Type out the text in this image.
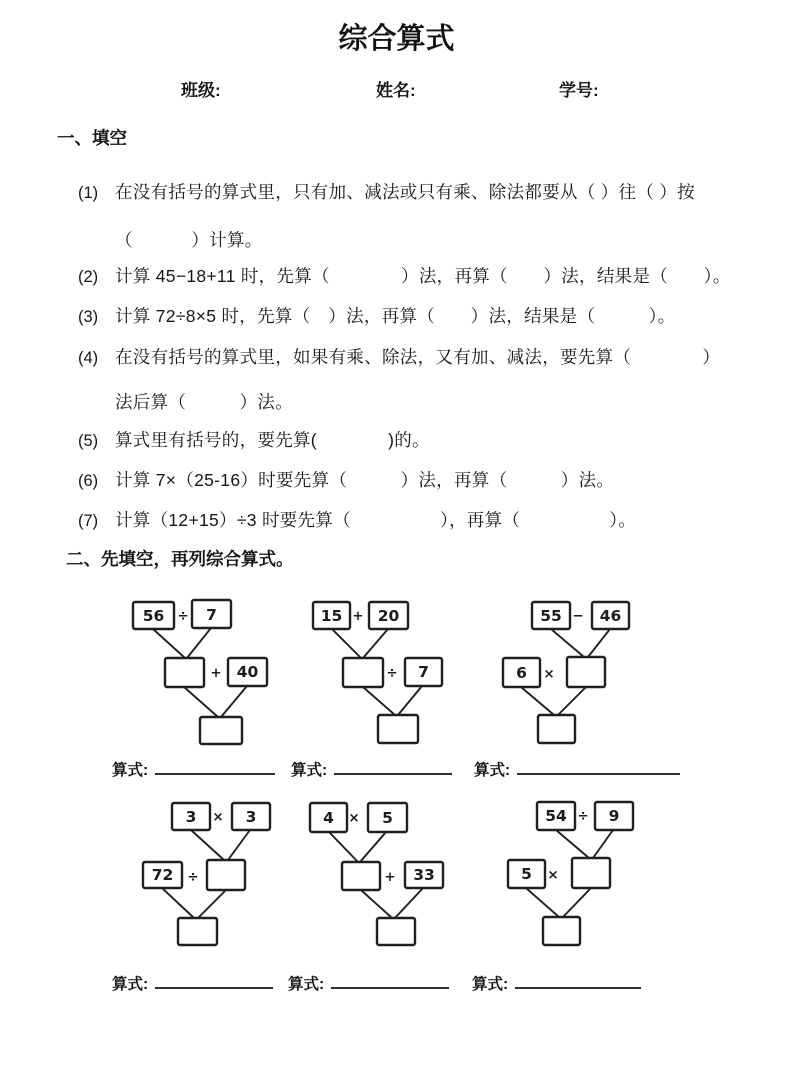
综合算式
班级:	姓名:	学号:
一、填空
(1) 在没有括号的算式里，只有加、减法或只有乘、除法都要从（ ）往（ ）按
（　　　 ）计算。
(2) 计算 45−18+11 时，先算（　　　　）法，再算（　　）法，结果是（　　）。
(3) 计算 72÷8×5 时，先算（　）法，再算（　　）法，结果是（　　　）。
(4) 在没有括号的算式里，如果有乘、除法，又有加、减法，要先算（　　　　）
法后算（　　　）法。
(5) 算式里有括号的，要先算(　　　　)的。
(6) 计算 7×（25-16）时要先算（　　　）法，再算（　　　）法。
(7) 计算（12+15）÷3 时要先算（　　　　　），再算（　　　　　）。
二、先填空，再列综合算式。
56 ÷ 7
+ 40
15 + 20
÷ 7
55 − 46
6 ×
算式:	算式:	算式:
3 × 3
72 ÷
4 × 5
+ 33
54 ÷ 9
5 ×
算式:	算式:	算式:
